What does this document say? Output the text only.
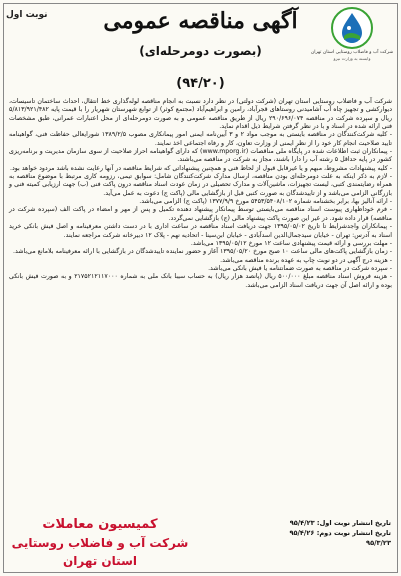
نوبت اول
شرکت آب و فاضلاب روستایی استان تهران
وابسته به وزارت نیرو
آگهی مناقصه عمومی
(بصورت دومرحله‌ای)
(۹۴/۲۰)

شرکت آب و فاضلاب روستایی استان تهران (شرکت دولتی) در نظر دارد نسبت به انجام مناقصه لوله‌گذاری خط انتقال، احداث ساختمان تاسیسات، دیوارکشی و تجهیز چاه آب آشامیدنی روستاهای قجرآباد، رامین و ابراهیم‌آباد (مجتمع کوثر) از توابع شهرستان شهریار را با قیمت پایه ۵/۸۱۳/۹۲۱/۴۸۲ ریال و سپرده شرکت در مناقصه ۲۹۰/۶۹۶/۰۷۴ ریال از طریق مناقصه عمومی و به صورت دومرحله‌ای از محل اعتبارات عمرانی، طبق مشخصات فنی ارائه شده در اسناد و با در نظر گرفتن شرایط ذیل اقدام نماید.

- کلیه شرکت‌کنندگان در مناقصه بایستی به موجب مواد ۲ و ۳ آیین‌نامه ایمنی امور پیمانکاری مصوب ۱۳۸۹/۲/۵ شورایعالی حفاظت فنی، گواهینامه تایید صلاحیت انجام کار خود را از نظر ایمنی از وزارت تعاون، کار و رفاه اجتماعی اخذ نمایند.

- پیمانکاران ثبت اطلاعات شده در پایگاه ملی مناقصات (www.mporg.ir) که دارای گواهینامه احراز صلاحیت از سوی سازمان مدیریت و برنامه‌ریزی کشور در پایه حداقل ۵ رشته آب را دارا باشند، مجاز به شرکت در مناقصه می‌باشند.

- کلیه پیشنهادات مشروط، مبهم و یا غیرقابل قبول از لحاظ فنی و همچنین پیشنهاداتی که شرایط مناقصه در آنها رعایت نشده باشد مردود خواهد بود.

- لازم به ذکر اینکه به علت دومرحله‌ای بودن مناقصه، ارسال مدارک شرکت‌کنندگان شامل: سوابق تیمی، رزومه کاری مرتبط با موضوع مناقصه به همراه رضایتمندی کتبی، لیست تجهیزات، ماشین‌آلات و مدارک تحصیلی در زمان عودت اسناد مناقصه درون پاکت فنی (ب) جهت ارزیابی کمیته فنی و بازرگانی الزامی می‌باشد و از تاییدشدگان به صورت کتبی قبل از بازگشایی مالی (پاکت ج) دعوت به عمل می‌آید.

- ارائه آنالیز بها، برابر بخشنامه شماره ۵۴۵۳/۵۴۰۸/۱۰۲ مورخ ۱۳۷۷/۹/۹ (پاکت ج) الزامی می‌باشد.

- فرم خوداظهاری پیوست اسناد مناقصه می‌بایستی توسط پیمانکار پیشنهاد دهنده تکمیل و پس از مهر و امضاء در پاکت الف (سپرده شرکت در مناقصه) قرار داده شود. در غیر این صورت پاکت پیشنهاد مالی (ج) بازگشایی نمی‌گردد.

- پیمانکاران واجدشرایط تا تاریخ ۱۳۹۵/۰۵/۰۲ جهت دریافت اسناد مناقصه در ساعت اداری با در دست داشتن معرفینامه و اصل فیش بانکی خرید اسناد به آدرس: تهران - خیابان سیدجمال‌الدین اسدآبادی - خیابان ابن‌سینا - اتحادیه نهم - پلاک ۱۲ دبیرخانه شرکت مراجعه نمایند.

- مهلت بررسی و ارائه قیمت پیشنهادی ساعت ۱۲ مورخ ۱۳۹۵/۰۵/۱۲ می‌باشد.

- زمان بازگشایی پاکت‌های مالی ساعت ۱۰ صبح مورخ ۱۳۹۵/۰۵/۲۰ آغاز و حضور نماینده تاییدشدگان در بازگشایی با ارائه معرفینامه بلامانع می‌باشد.

- هزینه درج آگهی در دو نوبت چاپ به عهده برنده مناقصه می‌باشد.

- سپرده شرکت در مناقصه به صورت ضمانتنامه یا فیش بانکی می‌باشد.

- هزینه فروش اسناد مناقصه مبلغ ۵۰۰/۰۰۰ ریال (پانصد هزار ریال) به حساب سیبا بانک ملی به شماره ۲۱۷۵۲۱۲۱۱۷۰۰۰ و به صورت فیش بانکی بوده و ارائه اصل آن جهت دریافت اسناد الزامی می‌باشد.

تاریخ انتشار نوبت اول: ۹۵/۴/۲۳
تاریخ انتشار نوبت دوم: ۹۵/۴/۲۶
۹۵/۳/۲۳
کمیسیون معاملات
شرکت آب و فاضلاب روستایی استان تهران
